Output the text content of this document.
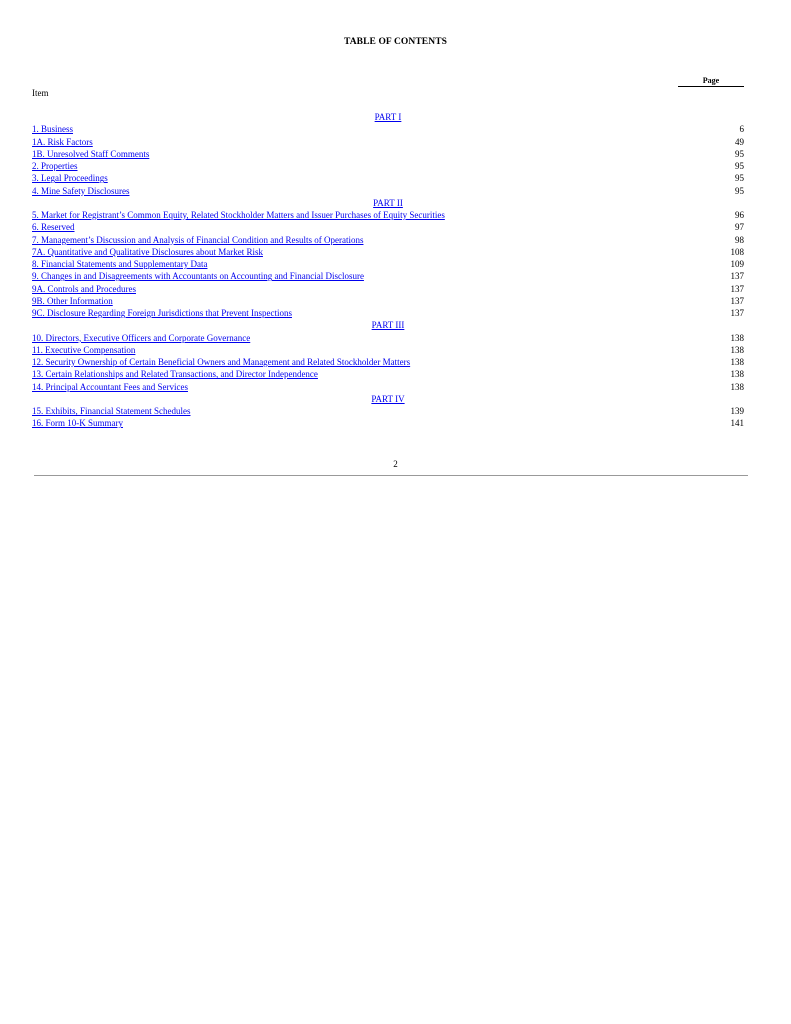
TABLE OF CONTENTS
Page
Item
PART I
1. Business	6
1A. Risk Factors	49
1B. Unresolved Staff Comments	95
2. Properties	95
3. Legal Proceedings	95
4. Mine Safety Disclosures	95
PART II
5. Market for Registrant’s Common Equity, Related Stockholder Matters and Issuer Purchases of Equity Securities	96
6. Reserved	97
7. Management’s Discussion and Analysis of Financial Condition and Results of Operations	98
7A. Quantitative and Qualitative Disclosures about Market Risk	108
8. Financial Statements and Supplementary Data	109
9. Changes in and Disagreements with Accountants on Accounting and Financial Disclosure	137
9A. Controls and Procedures	137
9B. Other Information	137
9C. Disclosure Regarding Foreign Jurisdictions that Prevent Inspections	137
PART III
10. Directors, Executive Officers and Corporate Governance	138
11. Executive Compensation	138
12. Security Ownership of Certain Beneficial Owners and Management and Related Stockholder Matters	138
13. Certain Relationships and Related Transactions, and Director Independence	138
14. Principal Accountant Fees and Services	138
PART IV
15. Exhibits, Financial Statement Schedules	139
16. Form 10-K Summary	141
2
